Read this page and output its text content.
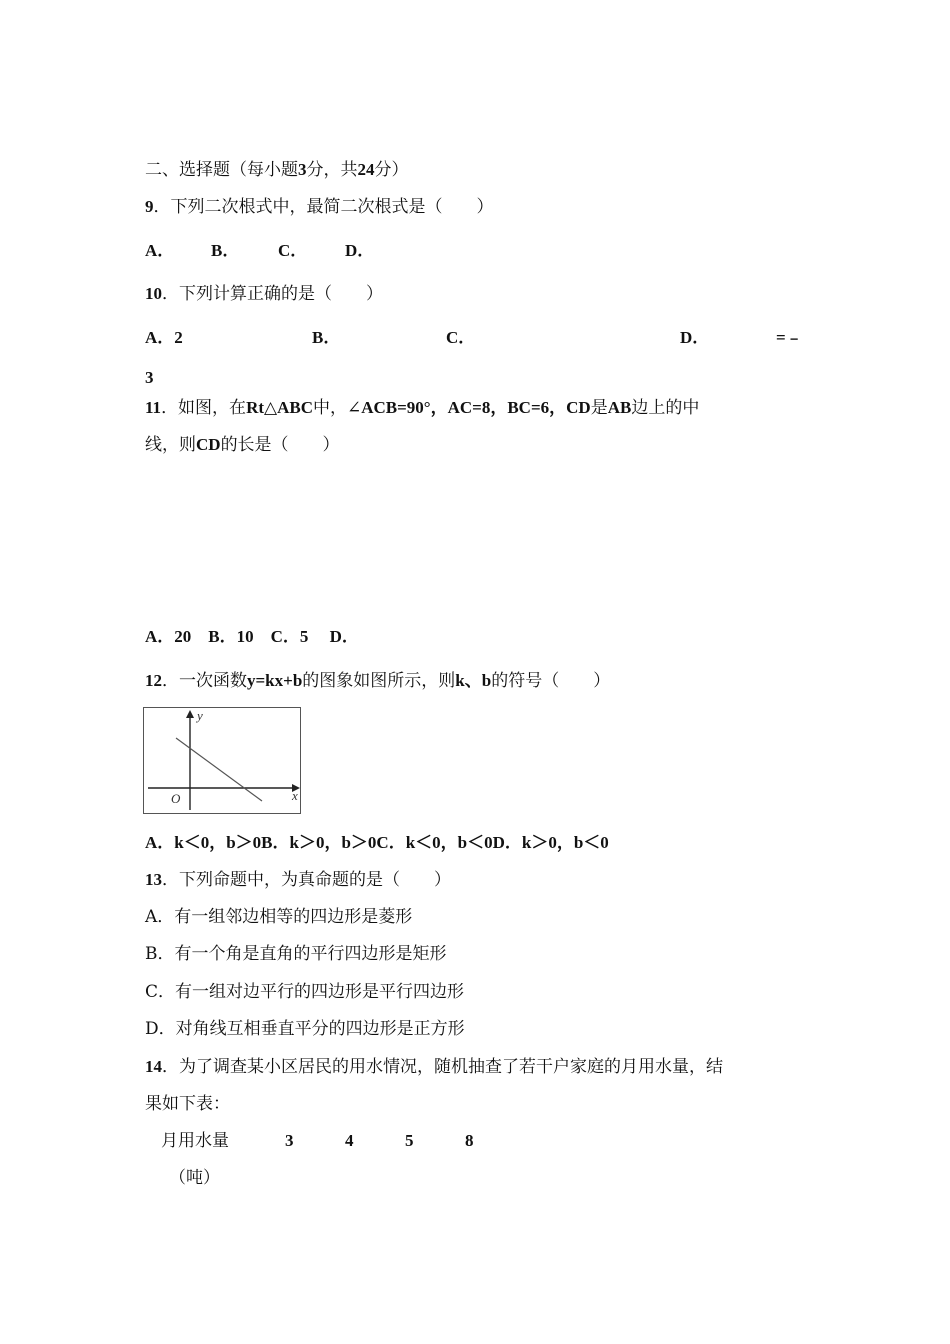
二、选择题（每小题3分，共24分）
9．下列二次根式中，最简二次根式是（　　）
A． B． C． D．
10．下列计算正确的是（　　）
A．2	B．	C．	D．	=﹣
3
11．如图，在Rt△ABC中，∠ACB=90°，AC=8，BC=6，CD是AB边上的中
线，则CD的长是（　　）
A．20　B．10　C．5　 D．
12．一次函数y=kx+b的图象如图所示，则k、b的符号（　　）
y
x
O
A．k＜0，b＞0B．k＞0，b＞0C．k＜0，b＜0D．k＞0，b＜0
13．下列命题中，为真命题的是（　　）
A．有一组邻边相等的四边形是菱形
B．有一个角是直角的平行四边形是矩形
C．有一组对边平行的四边形是平行四边形
D．对角线互相垂直平分的四边形是正方形
14．为了调查某小区居民的用水情况，随机抽查了若干户家庭的月用水量，结
果如下表：
月用水量	3	4	5	8
（吨）
